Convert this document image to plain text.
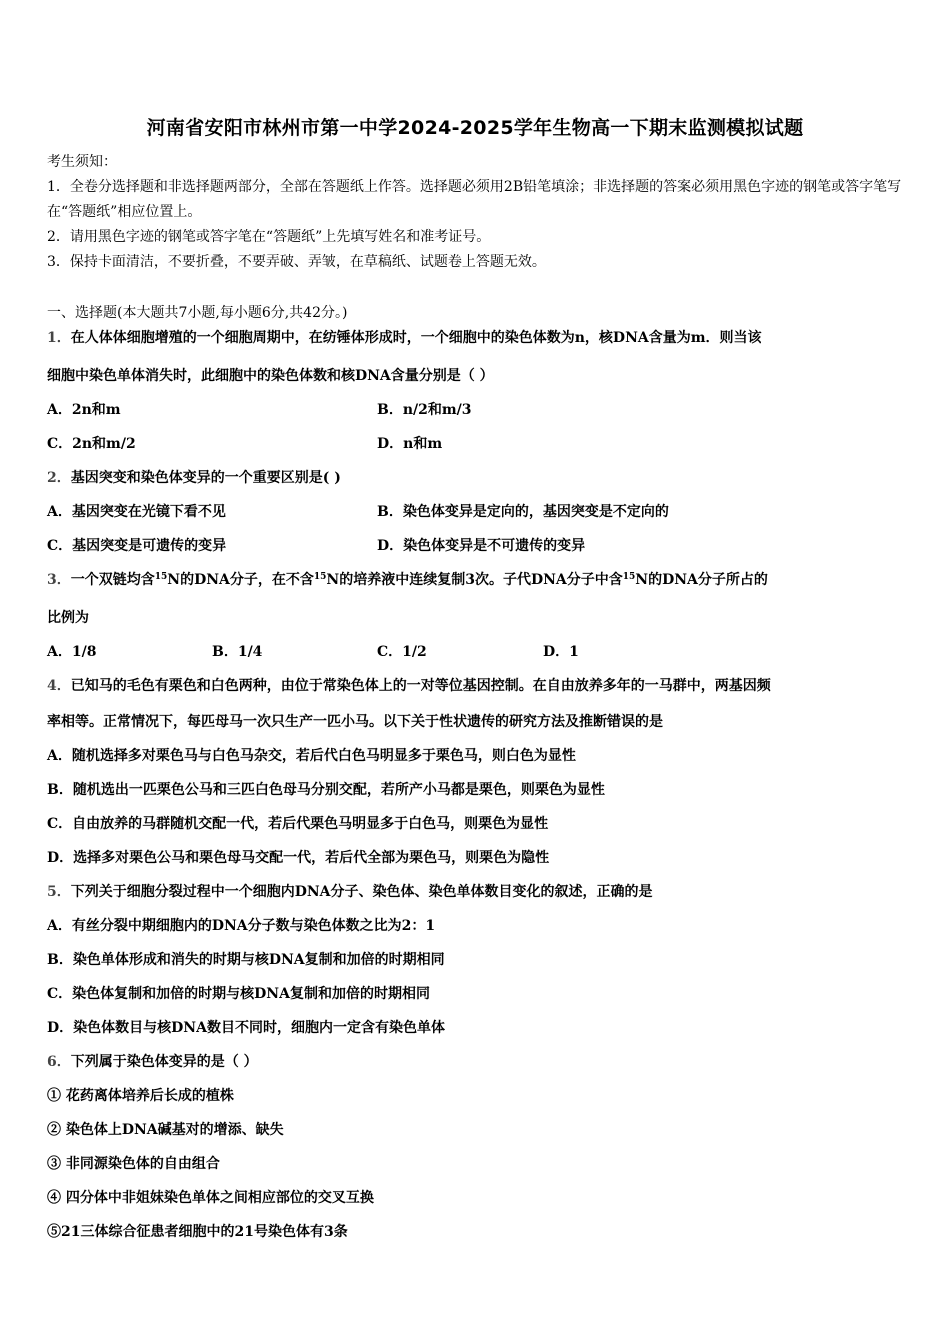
河南省安阳市林州市第一中学2024-2025学年生物高一下期末监测模拟试题
考生须知：
1．全卷分选择题和非选择题两部分，全部在答题纸上作答。选择题必须用2B铅笔填涂；非选择题的答案必须用黑色字迹的钢笔或答字笔写在“答题纸”相应位置上。
2．请用黑色字迹的钢笔或答字笔在“答题纸”上先填写姓名和准考证号。
3．保持卡面清洁，不要折叠，不要弄破、弄皱，在草稿纸、试题卷上答题无效。
一、选择题(本大题共7小题,每小题6分,共42分。)
1．在人体体细胞增殖的一个细胞周期中，在纺锤体形成时，一个细胞中的染色体数为n，核DNA含量为m．则当该
细胞中染色单体消失时，此细胞中的染色体数和核DNA含量分别是（ ）
A．2n和m	B．n/2和m/3
C．2n和m/2	D．n和m
2．基因突变和染色体变异的一个重要区别是( )
A．基因突变在光镜下看不见	B．染色体变异是定向的，基因突变是不定向的
C．基因突变是可遗传的变异	D．染色体变异是不可遗传的变异
3．一个双链均含$^{15}$N的DNA分子，在不含$^{15}$N的培养液中连续复制3次。子代DNA分子中含$^{15}$N的DNA分子所占的
比例为
A．1/8	B．1/4	C．1/2	D．1
4．已知马的毛色有栗色和白色两种，由位于常染色体上的一对等位基因控制。在自由放养多年的一马群中，两基因频
率相等。正常情况下，每匹母马一次只生产一匹小马。以下关于性状遗传的研究方法及推断错误的是
A．随机选择多对栗色马与白色马杂交，若后代白色马明显多于栗色马，则白色为显性
B．随机选出一匹栗色公马和三匹白色母马分别交配，若所产小马都是栗色，则栗色为显性
C．自由放养的马群随机交配一代，若后代栗色马明显多于白色马，则栗色为显性
D．选择多对栗色公马和栗色母马交配一代，若后代全部为栗色马，则栗色为隐性
5．下列关于细胞分裂过程中一个细胞内DNA分子、染色体、染色单体数目变化的叙述，正确的是
A．有丝分裂中期细胞内的DNA分子数与染色体数之比为2：1
B．染色单体形成和消失的时期与核DNA复制和加倍的时期相同
C．染色体复制和加倍的时期与核DNA复制和加倍的时期相同
D．染色体数目与核DNA数目不同时，细胞内一定含有染色单体
6．下列属于染色体变异的是（ ）
① 花药离体培养后长成的植株
② 染色体上DNA碱基对的增添、缺失
③ 非同源染色体的自由组合
④ 四分体中非姐妹染色单体之间相应部位的交叉互换
⑤21三体综合征患者细胞中的21号染色体有3条
